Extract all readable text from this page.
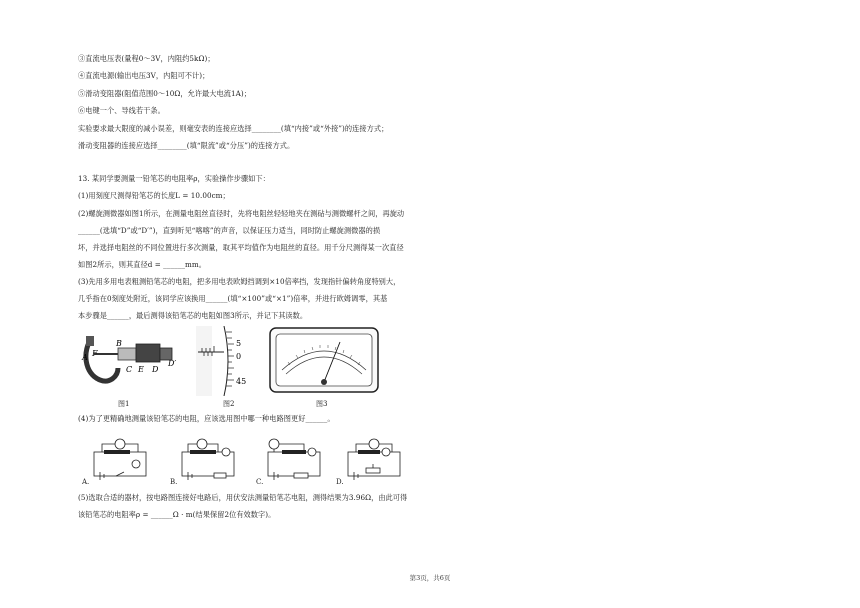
③直流电压表(量程0～3V，内阻约5kΩ)；
④直流电源(输出电压3V，内阻可不计)；
⑤滑动变阻器(阻值范围0～10Ω，允许最大电流1A)；
⑥电键一个、导线若干条。
实验要求最大限度的减小误差，则毫安表的连接应选择________(填“内接”或“外接”)的连接方式；
滑动变阻器的连接应选择________(填“限流”或“分压”)的连接方式。
13. 某同学要测量一铅笔芯的电阻率ρ，实验操作步骤如下：
(1)用刻度尺测得铅笔芯的长度L = 10.00cm；
(2)螺旋测微器如图1所示，在测量电阻丝直径时，先将电阻丝轻轻地夹在测砧与测微螺杆之间，再旋动
______(选填“D”或“D′”)，直到听见“喀喀”的声音，以保证压力适当，同时防止螺旋测微器的损
坏，并选择电阻丝的不同位置进行多次测量，取其平均值作为电阻丝的直径。用千分尺测得某一次直径
如图2所示，则其直径d = ______mm。
(3)先用多用电表粗测铅笔芯的电阻，把多用电表欧姆挡调到×10倍率挡，发现指针偏转角度特别大，
几乎指在0刻度处附近，该同学应该换用______(填“×100”或“×1”)倍率，并进行欧姆调零，其基
本步骤是______，最后测得该铅笔芯的电阻如图3所示，并记下其读数。
A F
B
E D
D′
C
图1
5
0
45
图2	图3
(4)为了更精确地测量该铅笔芯的电阻，应该选用图中哪一种电路图更好______。
A.	B.	C.	D.
(5)选取合适的器材，按电路图连接好电路后，用伏安法测量铅笔芯电阻，测得结果为3.96Ω，由此可得
该铅笔芯的电阻率ρ = ______Ω · m(结果保留2位有效数字)。
第3页，共6页
